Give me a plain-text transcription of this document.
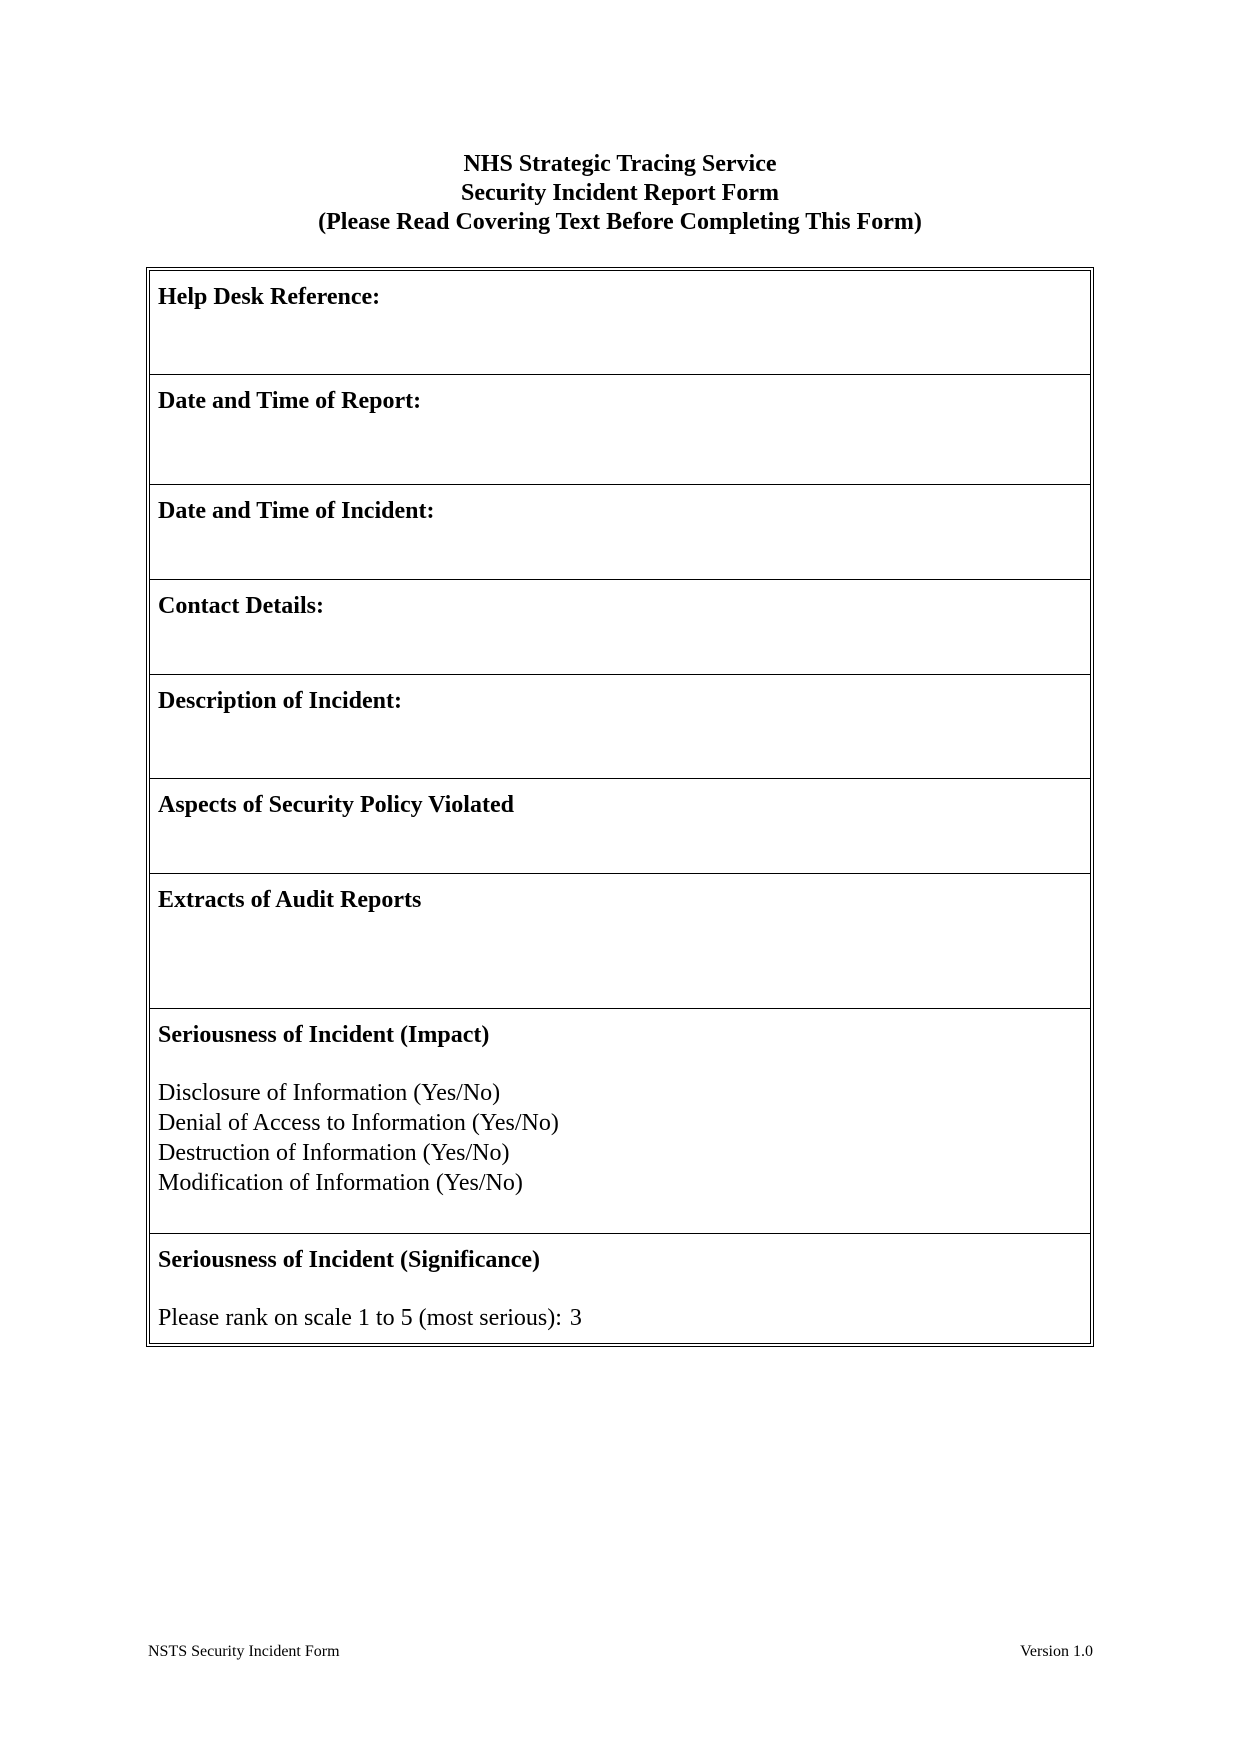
NHS Strategic Tracing Service
Security Incident Report Form
(Please Read Covering Text Before Completing This Form)
Help Desk Reference:
Date and Time of Report:
Date and Time of Incident:
Contact Details:
Description of Incident:
Aspects of Security Policy Violated
Extracts of Audit Reports
Seriousness of Incident (Impact)
Disclosure of Information (Yes/No)
Denial of Access to Information (Yes/No)
Destruction of Information (Yes/No)
Modification of Information (Yes/No)
Seriousness of Incident (Significance)
Please rank on scale 1 to 5 (most serious): 3
NSTS Security Incident Form	Version 1.0
